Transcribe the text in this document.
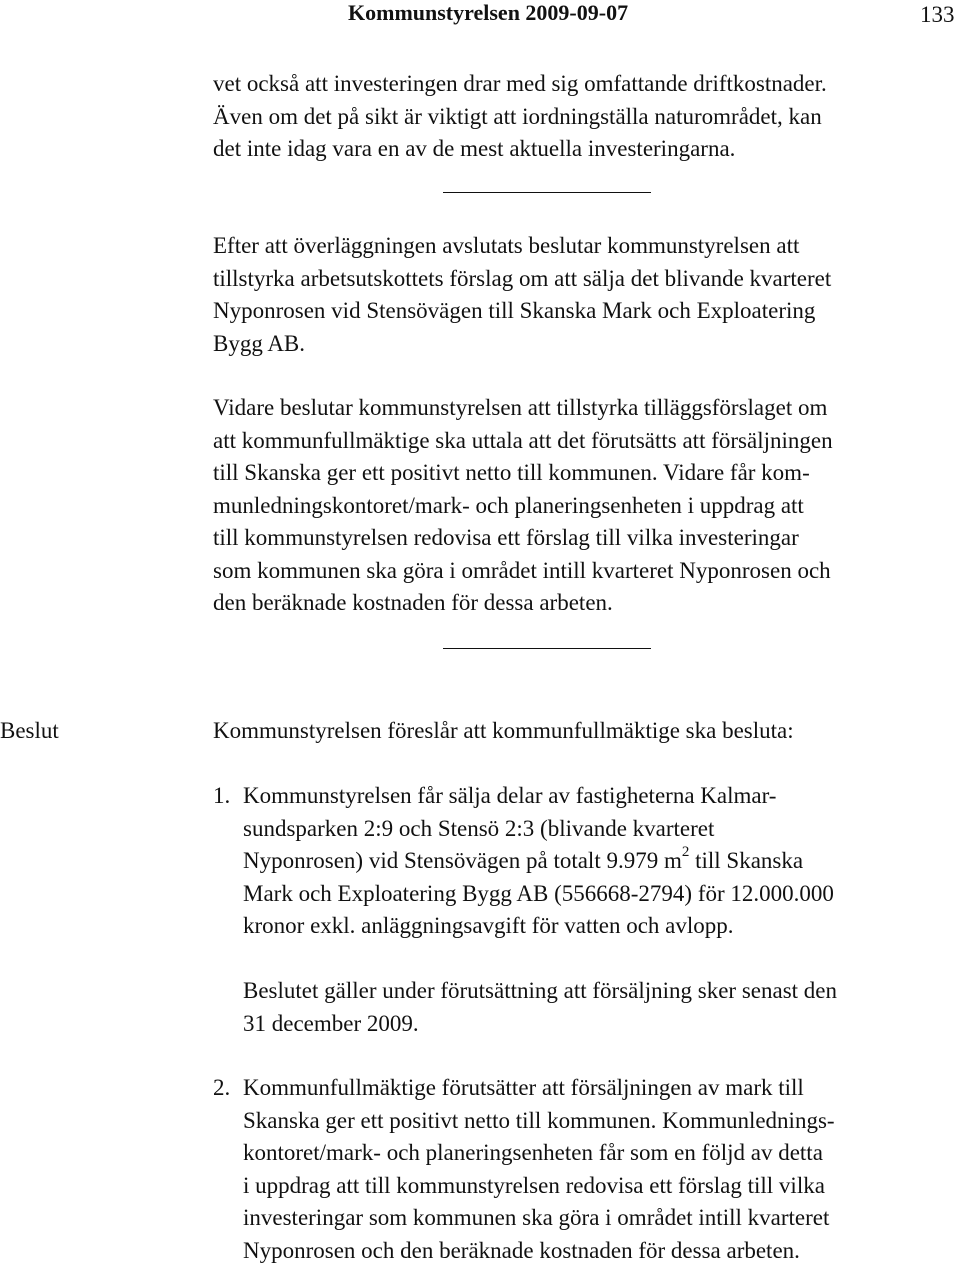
Kommunstyrelsen 2009-09-07	133
vet också att investeringen drar med sig omfattande driftkostnader.
Även om det på sikt är viktigt att iordningställa naturområdet, kan
det inte idag vara en av de mest aktuella investeringarna.
Efter att överläggningen avslutats beslutar kommunstyrelsen att
tillstyrka arbetsutskottets förslag om att sälja det blivande kvarteret
Nyponrosen vid Stensövägen till Skanska Mark och Exploatering
Bygg AB.
Vidare beslutar kommunstyrelsen att tillstyrka tilläggsförslaget om
att kommunfullmäktige ska uttala att det förutsätts att försäljningen
till Skanska ger ett positivt netto till kommunen. Vidare får kom-
munledningskontoret/mark- och planeringsenheten i uppdrag att
till kommunstyrelsen redovisa ett förslag till vilka investeringar
som kommunen ska göra i området intill kvarteret Nyponrosen och
den beräknade kostnaden för dessa arbeten.
Beslut	Kommunstyrelsen föreslår att kommunfullmäktige ska besluta:
1. Kommunstyrelsen får sälja delar av fastigheterna Kalmar-
sundsparken 2:9 och Stensö 2:3 (blivande kvarteret
Nyponrosen) vid Stensövägen på totalt 9.979 $m^2$ till Skanska
Mark och Exploatering Bygg AB (556668-2794) för 12.000.000
kronor exkl. anläggningsavgift för vatten och avlopp.
Beslutet gäller under förutsättning att försäljning sker senast den
31 december 2009.
2. Kommunfullmäktige förutsätter att försäljningen av mark till
Skanska ger ett positivt netto till kommunen. Kommunlednings-
kontoret/mark- och planeringsenheten får som en följd av detta
i uppdrag att till kommunstyrelsen redovisa ett förslag till vilka
investeringar som kommunen ska göra i området intill kvarteret
Nyponrosen och den beräknade kostnaden för dessa arbeten.
